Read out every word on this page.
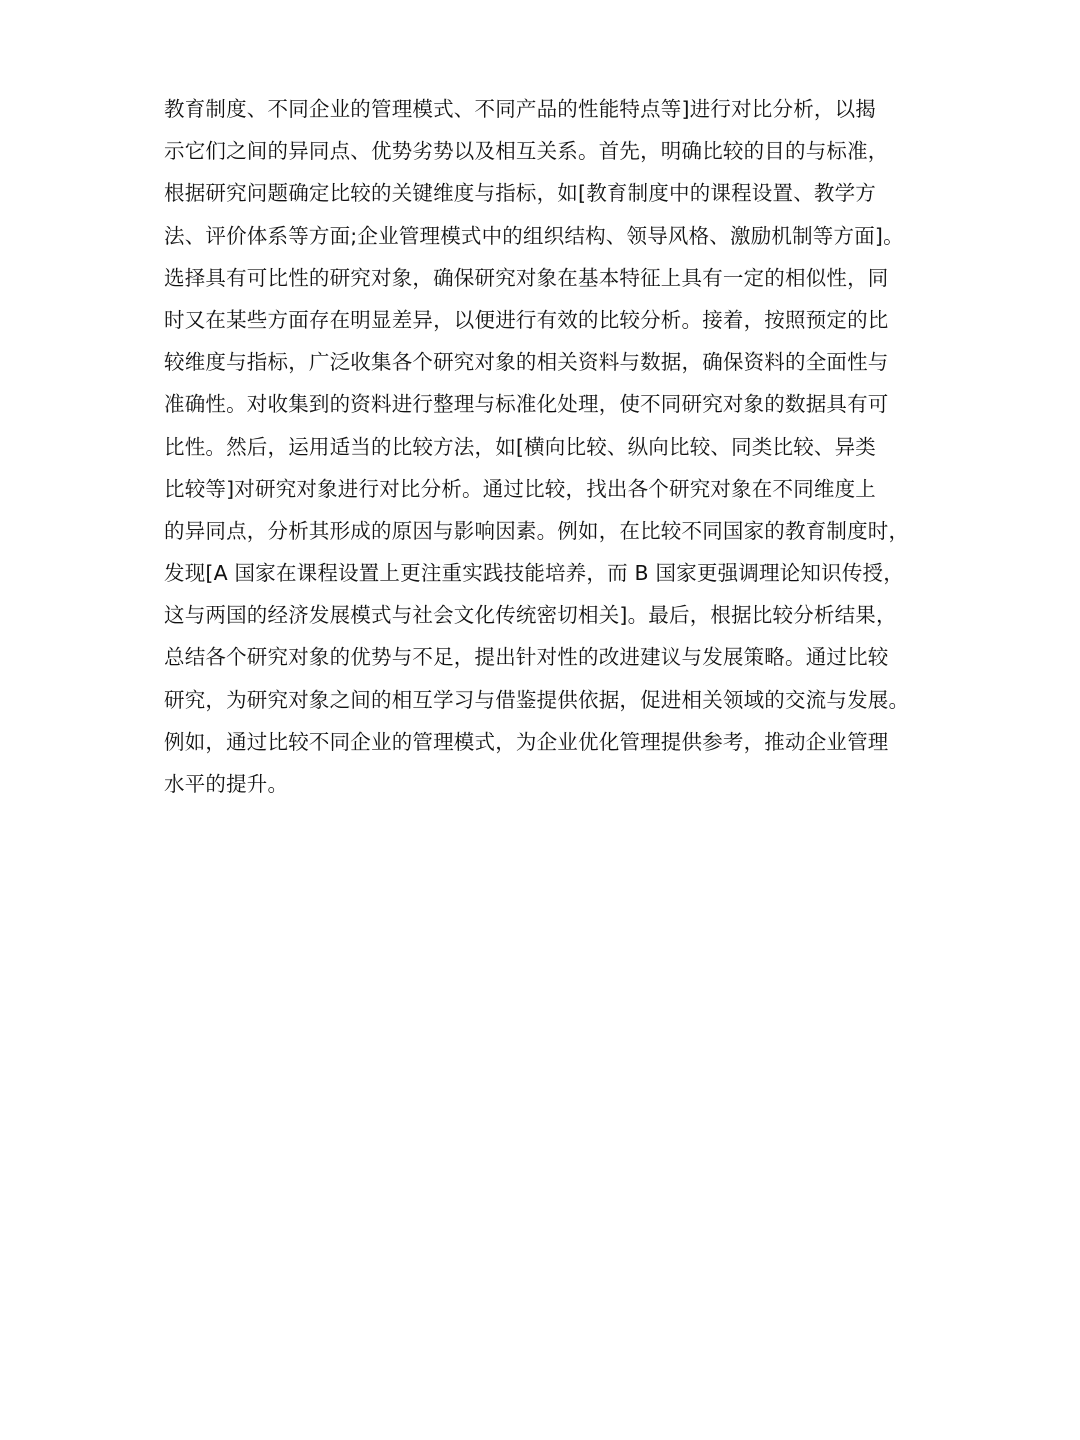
教育制度、不同企业的管理模式、不同产品的性能特点等]进行对比分析，以揭
示它们之间的异同点、优势劣势以及相互关系。首先，明确比较的目的与标准，
根据研究问题确定比较的关键维度与指标，如[教育制度中的课程设置、教学方
法、评价体系等方面;企业管理模式中的组织结构、领导风格、激励机制等方面]。
选择具有可比性的研究对象，确保研究对象在基本特征上具有一定的相似性，同
时又在某些方面存在明显差异，以便进行有效的比较分析。接着，按照预定的比
较维度与指标，广泛收集各个研究对象的相关资料与数据，确保资料的全面性与
准确性。对收集到的资料进行整理与标准化处理，使不同研究对象的数据具有可
比性。然后，运用适当的比较方法，如[横向比较、纵向比较、同类比较、异类
比较等]对研究对象进行对比分析。通过比较，找出各个研究对象在不同维度上
的异同点，分析其形成的原因与影响因素。例如，在比较不同国家的教育制度时，
发现[A 国家在课程设置上更注重实践技能培养，而 B 国家更强调理论知识传授，
这与两国的经济发展模式与社会文化传统密切相关]。最后，根据比较分析结果，
总结各个研究对象的优势与不足，提出针对性的改进建议与发展策略。通过比较
研究，为研究对象之间的相互学习与借鉴提供依据，促进相关领域的交流与发展。
例如，通过比较不同企业的管理模式，为企业优化管理提供参考，推动企业管理
水平的提升。
